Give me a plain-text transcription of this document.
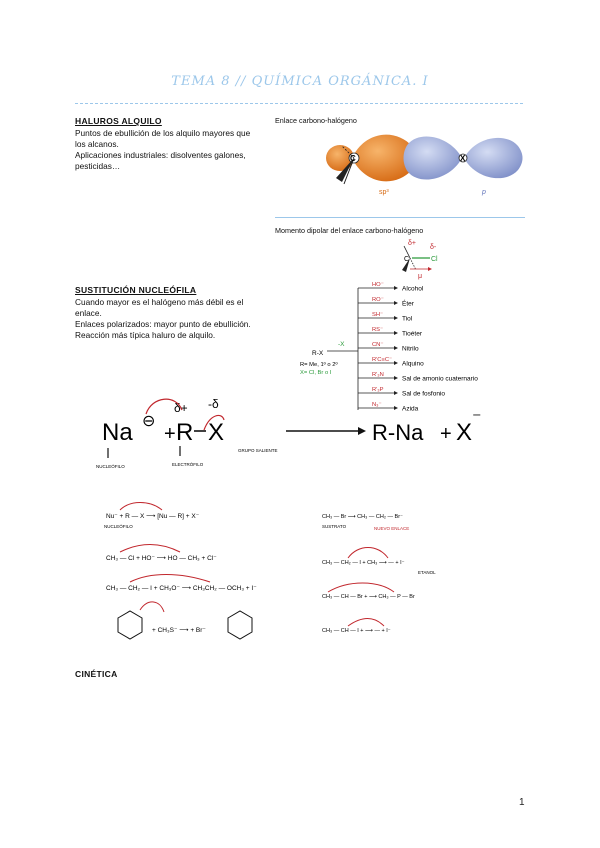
TEMA 8 // QUÍMICA ORGÁNICA. I
HALUROS ALQUILO
Puntos de ebullición de los alquilo mayores que
los alcanos.
Aplicaciones industriales: disolventes galones,
pesticidas…
Enlace carbono-halógeno
C	X
sp³	p
Momento dipolar del enlace carbono-halógeno
δ+
δ-
C	Cl
μ
SUSTITUCIÓN NUCLEÓFILA
Cuando mayor es el halógeno más débil es el
enlace.
Enlaces polarizados: mayor punto de ebullición.
Reacción más típica haluro de alquilo.
R-X
-X
R= Me, 1º o 2º
X= Cl, Br o I
HO⁻
Alcohol
RO⁻
Éter
SH⁻
Tiol
RS⁻
Tioéter
CN⁻
Nitrilo
R'C≡C⁻
Alquino
R'₃N
Sal de amonio cuaternario
R'₃P
Sal de fosfonio
N₃⁻
Azida
Na ⊖
+
δ+ -δ
R X	R-Na + X
⁻
GRUPO SALIENTE
NUCLEÓFILO	ELECTRÓFILO
Nu⁻ + R — X ⟶ [Nu — R] + X⁻
CH₃ — Cl + HO⁻ ⟶ HO — CH₃ + Cl⁻
CH₃ — CH₂ — I + CH₃O⁻ ⟶ CH₃CH₂ — OCH₃ + I⁻
+ CH₃S⁻ ⟶ + Br⁻
NUCLEÓFILO
CH₃ — Br ⟶ CH₃ — CH₂ — Br⁻
CH₃ — CH₂ — I + CH₃ ⟶ — + I⁻
CH₃ — CH — Br + ⟶ CH₃ — P — Br
CH₃ — CH — I + ⟶ — + I⁻
SUSTRATO	NUEVO ENLACE
ETANOL
CINÉTICA
1
